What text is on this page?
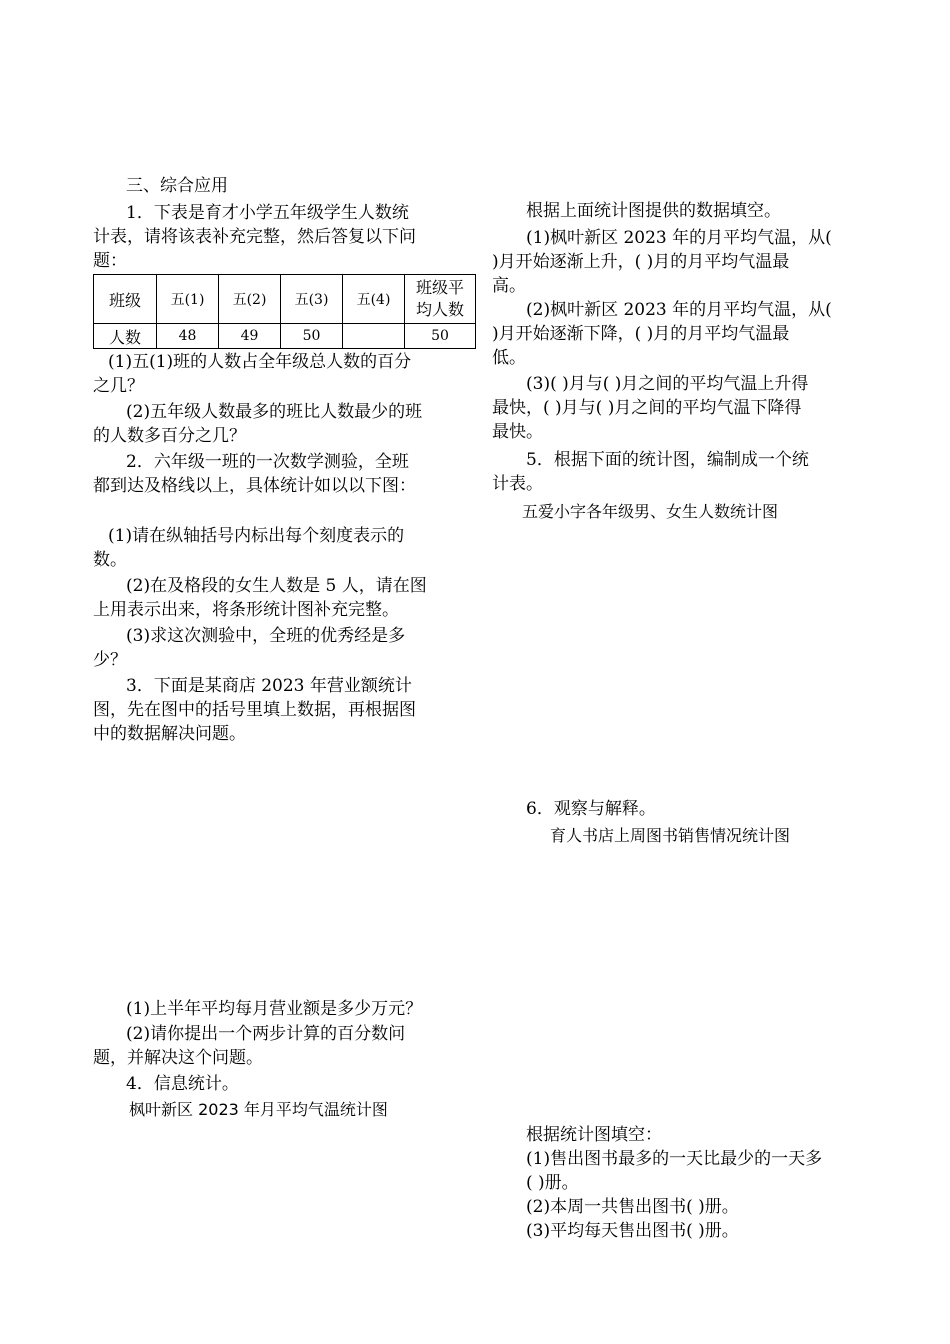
三、综合应用
1．下表是育才小学五年级学生人数统
计表，请将该表补充完整，然后答复以下问
题：
班级	五(1)	五(2)	五(3)	五(4)	班级平
均人数

人数	48	49	50		50
(1)五(1)班的人数占全年级总人数的百分
之几？
(2)五年级人数最多的班比人数最少的班
的人数多百分之几？
2．六年级一班的一次数学测验，全班
都到达及格线以上，具体统计如以以下图：
(1)请在纵轴括号内标出每个刻度表示的
数。
(2)在及格段的女生人数是 5 人，请在图
上用表示出来，将条形统计图补充完整。
(3)求这次测验中，全班的优秀经是多
少？
3．下面是某商店 2023 年营业额统计
图，先在图中的括号里填上数据，再根据图
中的数据解决问题。
(1)上半年平均每月营业额是多少万元？
(2)请你提出一个两步计算的百分数问
题，并解决这个问题。
4．信息统计。
枫叶新区 2023 年月平均气温统计图
根据上面统计图提供的数据填空。
(1)枫叶新区 2023 年的月平均气温，从(
)月开始逐渐上升，( )月的月平均气温最
高。
(2)枫叶新区 2023 年的月平均气温，从(
)月开始逐渐下降，( )月的月平均气温最
低。
(3)( )月与( )月之间的平均气温上升得
最快，( )月与( )月之间的平均气温下降得
最快。
5．根据下面的统计图，编制成一个统
计表。
五爱小字各年级男、女生人数统计图
6．观察与解释。
育人书店上周图书销售情况统计图
根据统计图填空：
(1)售出图书最多的一天比最少的一天多
( )册。
(2)本周一共售出图书( )册。
(3)平均每天售出图书( )册。
